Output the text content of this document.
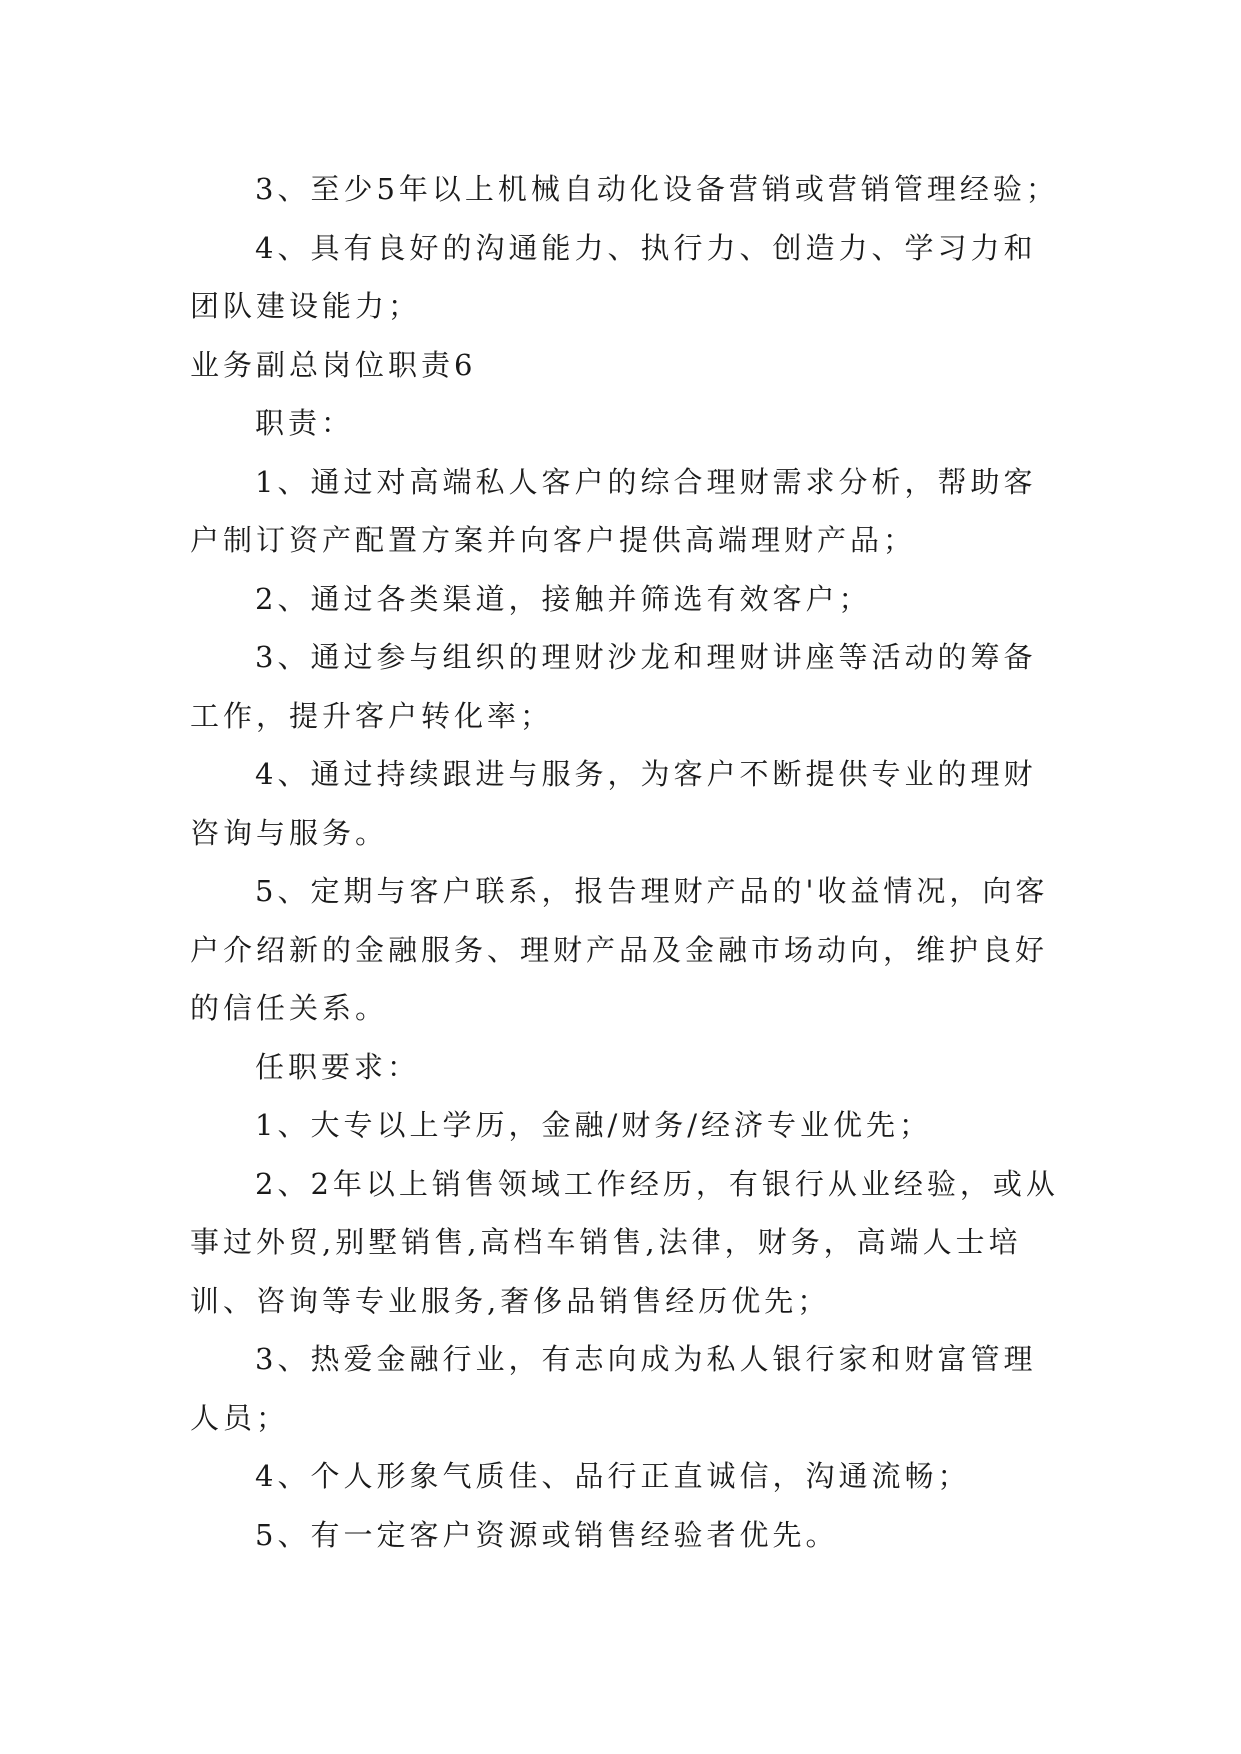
3、至少5年以上机械自动化设备营销或营销管理经验；

4、具有良好的沟通能力、执行力、创造力、学习力和

团队建设能力；

业务副总岗位职责6

职责：

1、通过对高端私人客户的综合理财需求分析，帮助客

户制订资产配置方案并向客户提供高端理财产品；

2、通过各类渠道，接触并筛选有效客户；

3、通过参与组织的理财沙龙和理财讲座等活动的筹备

工作，提升客户转化率；

4、通过持续跟进与服务，为客户不断提供专业的理财

咨询与服务。

5、定期与客户联系，报告理财产品的'收益情况，向客

户介绍新的金融服务、理财产品及金融市场动向，维护良好

的信任关系。

任职要求：

1、大专以上学历，金融/财务/经济专业优先；

2、2年以上销售领域工作经历，有银行从业经验，或从

事过外贸,别墅销售,高档车销售,法律，财务，高端人士培

训、咨询等专业服务,奢侈品销售经历优先；

3、热爱金融行业，有志向成为私人银行家和财富管理

人员；

4、个人形象气质佳、品行正直诚信，沟通流畅；

5、有一定客户资源或销售经验者优先。
